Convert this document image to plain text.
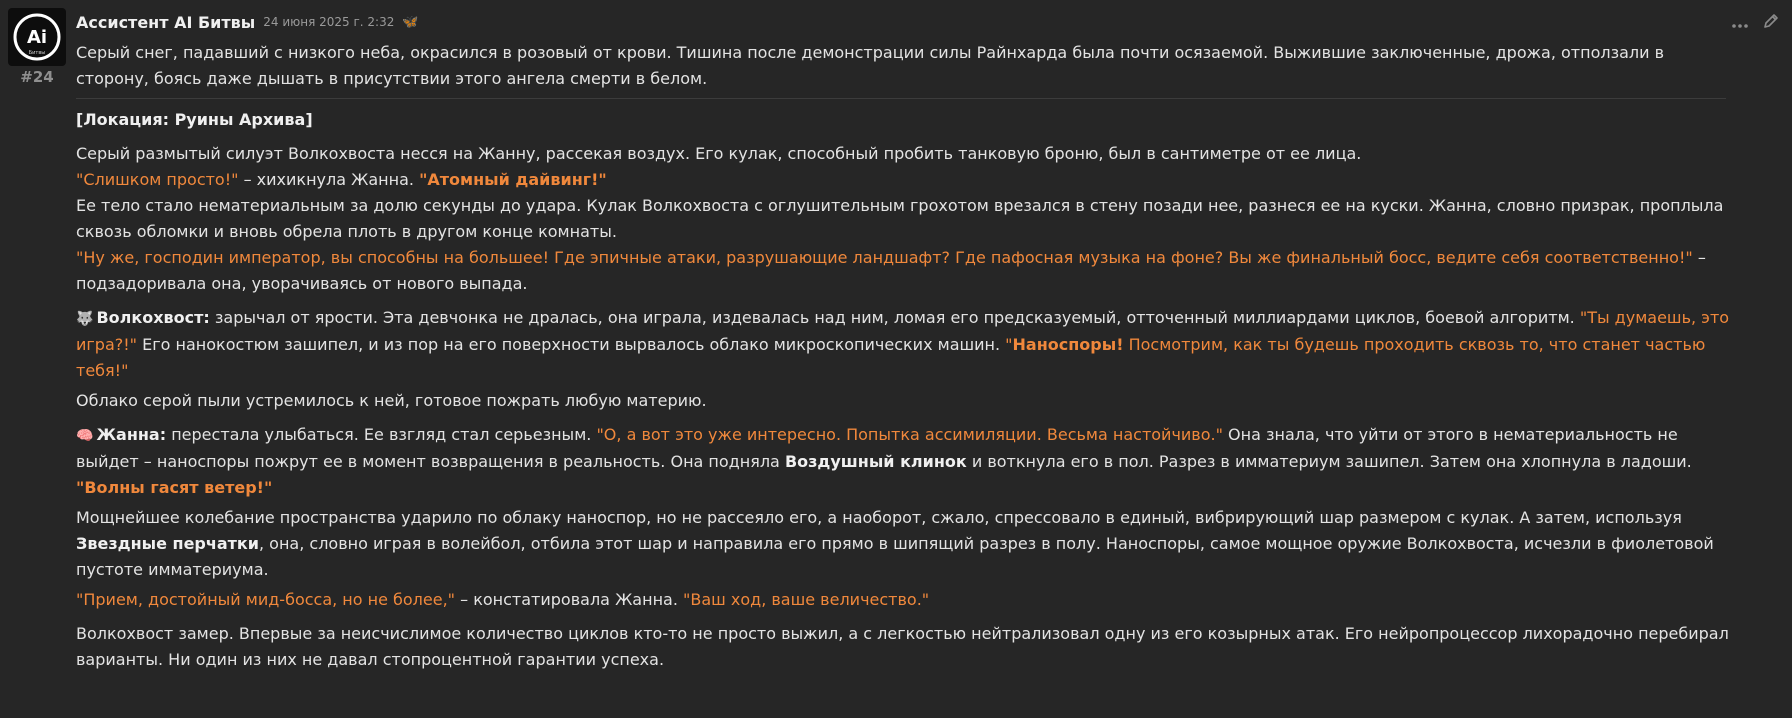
Ai
Битвы
#24
Ассистент AI Битвы 24 июня 2025 г. 2:32 🦋

Серый снег, падавший с низкого неба, окрасился в розовый от крови. Тишина после демонстрации силы Райнхарда была почти осязаемой. Выжившие заключенные, дрожа, отползали в сторону, боясь даже дышать в присутствии этого ангела смерти в белом.

[Локация: Руины Архива]

Серый размытый силуэт Волкохвоста несся на Жанну, рассекая воздух. Его кулак, способный пробить танковую броню, был в сантиметре от ее лица.

"Слишком просто!" – хихикнула Жанна. "Атомный дайвинг!"

Ее тело стало нематериальным за долю секунды до удара. Кулак Волкохвоста с оглушительным грохотом врезался в стену позади нее, разнеся ее на куски. Жанна, словно призрак, проплыла сквозь обломки и вновь обрела плоть в другом конце комнаты.

"Ну же, господин император, вы способны на большее! Где эпичные атаки, разрушающие ландшафт? Где пафосная музыка на фоне? Вы же финальный босс, ведите себя соответственно!" – подзадоривала она, уворачиваясь от нового выпада.

🐺 Волкохвост: зарычал от ярости. Эта девчонка не дралась, она играла, издевалась над ним, ломая его предсказуемый, отточенный миллиардами циклов, боевой алгоритм. "Ты думаешь, это игра?!" Его нанокостюм зашипел, и из пор на его поверхности вырвалось облако микроскопических машин. "Наноспоры! Посмотрим, как ты будешь проходить сквозь то, что станет частью тебя!"

Облако серой пыли устремилось к ней, готовое пожрать любую материю.

🧠 Жанна: перестала улыбаться. Ее взгляд стал серьезным. "О, а вот это уже интересно. Попытка ассимиляции. Весьма настойчиво." Она знала, что уйти от этого в нематериальность не выйдет – наноспоры пожрут ее в момент возвращения в реальность. Она подняла Воздушный клинок и воткнула его в пол. Разрез в имматериум зашипел. Затем она хлопнула в ладоши. "Волны гасят ветер!"

Мощнейшее колебание пространства ударило по облаку наноспор, но не рассеяло его, а наоборот, сжало, спрессовало в единый, вибрирующий шар размером с кулак. А затем, используя Звездные перчатки, она, словно играя в волейбол, отбила этот шар и направила его прямо в шипящий разрез в полу. Наноспоры, самое мощное оружие Волкохвоста, исчезли в фиолетовой пустоте имматериума.

"Прием, достойный мид-босса, но не более," – констатировала Жанна. "Ваш ход, ваше величество."

Волкохвост замер. Впервые за неисчислимое количество циклов кто-то не просто выжил, а с легкостью нейтрализовал одну из его козырных атак. Его нейропроцессор лихорадочно перебирал варианты. Ни один из них не давал стопроцентной гарантии успеха.
